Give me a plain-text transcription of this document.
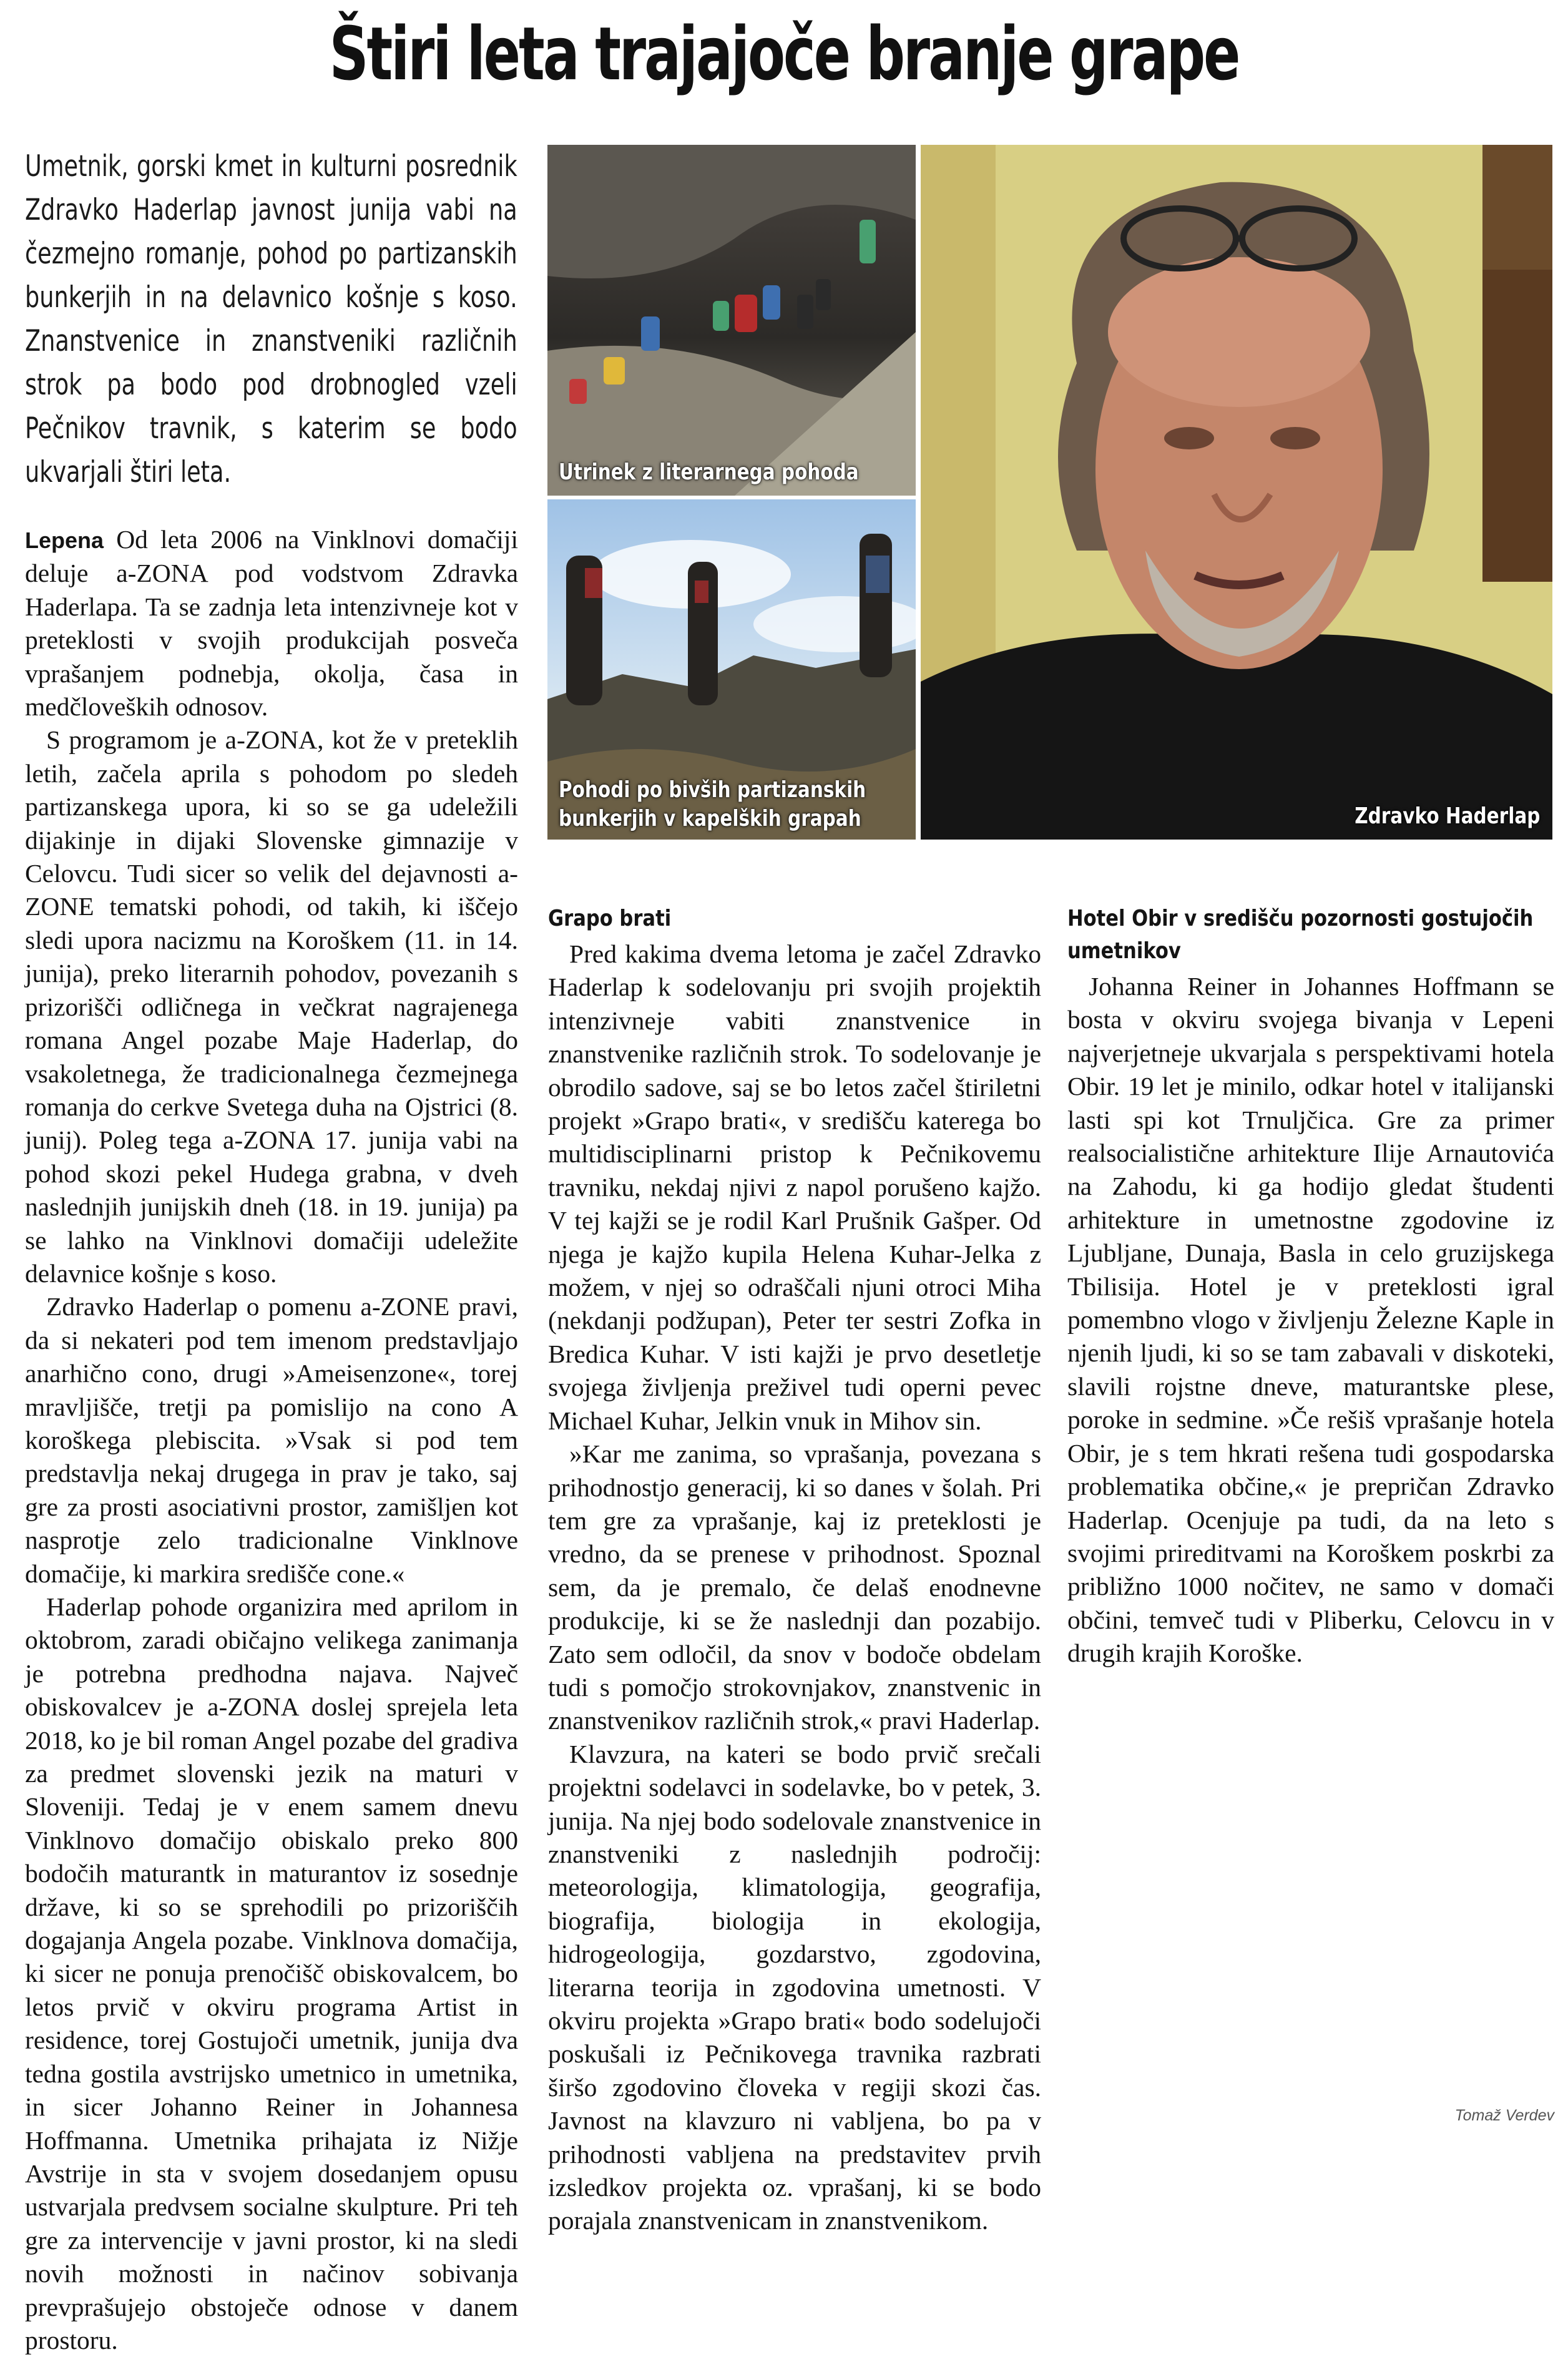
Štiri leta trajajoče branje grape
Umetnik, gorski kmet in kulturni posrednik Zdravko Haderlap javnost junija vabi na čezmejno romanje, pohod po partizanskih bunkerjih in na delavnico košnje s koso. Znanstvenice in znanstveniki različnih strok pa bodo pod drobnogled vzeli Pečnikov travnik, s katerim se bodo ukvarjali štiri leta.	Utrinek z literarnega pohoda
Pohodi po bivših partizanskih
bunkerjih v kapelških grapah	Zdravko Haderlap

Lepena Od leta 2006 na Vinklnovi domačiji deluje a-ZONA pod vodstvom Zdravka Haderlapa. Ta se zadnja leta intenzivneje kot v preteklosti v svojih produkcijah posveča vprašanjem podnebja, okolja, časa in medčloveških odnosov.

S programom je a-ZONA, kot že v preteklih letih, začela aprila s pohodom po sledeh partizanskega upora, ki so se ga udeležili dijakinje in dijaki Slovenske gimnazije v Celovcu. Tudi sicer so velik del dejavnosti a-ZONE tematski pohodi, od takih, ki iščejo sledi upora nacizmu na Koroškem (11. in 14. junija), preko literarnih pohodov, povezanih s prizorišči odličnega in večkrat nagrajenega romana Angel pozabe Maje Haderlap, do vsakoletnega, že tradicionalnega čezmejnega romanja do cerkve Svetega duha na Ojstrici (8. junij). Poleg tega a-ZONA 17. junija vabi na pohod skozi pekel Hudega grabna, v dveh naslednjih junijskih dneh (18. in 19. junija) pa se lahko na Vinklnovi domačiji udeležite delavnice košnje s koso.

Zdravko Haderlap o pomenu a-ZONE pravi, da si nekateri pod tem imenom predstavljajo anarhično cono, drugi »Ameisenzone«, torej mravljišče, tretji pa pomislijo na cono A koroškega plebiscita. »Vsak si pod tem predstavlja nekaj drugega in prav je tako, saj gre za prosti asociativni prostor, zamišljen kot nasprotje zelo tradicionalne Vinklnove domačije, ki markira središče cone.«

Haderlap pohode organizira med aprilom in oktobrom, zaradi običajno velikega zanimanja je potrebna predhodna najava. Največ obiskovalcev je a-ZONA doslej sprejela leta 2018, ko je bil roman Angel pozabe del gradiva za predmet slovenski jezik na maturi v Sloveniji. Tedaj je v enem samem dnevu Vinklnovo domačijo obiskalo preko 800 bodočih maturantk in maturantov iz sosednje države, ki so se sprehodili po prizoriščih dogajanja Angela pozabe. Vinklnova domačija, ki sicer ne ponuja prenočišč obiskovalcem, bo letos prvič v okviru programa Artist in residence, torej Gostujoči umetnik, junija dva tedna gostila avstrijsko umetnico in umetnika, in sicer Johanno Reiner in Johannesa Hoffmanna. Umetnika prihajata iz Nižje Avstrije in sta v svojem dosedanjem opusu ustvarjala predvsem socialne skulpture. Pri teh gre za intervencije v javni prostor, ki na sledi novih možnosti in načinov sobivanja prevprašujejo obstoječe odnose v danem prostoru.

Grapo brati

Pred kakima dvema letoma je začel Zdravko Haderlap k sodelovanju pri svojih projektih intenzivneje vabiti znanstvenice in znanstvenike različnih strok. To sodelovanje je obrodilo sadove, saj se bo letos začel štiriletni projekt »Grapo brati«, v središču katerega bo multidisciplinarni pristop k Pečnikovemu travniku, nekdaj njivi z napol porušeno kajžo. V tej kajži se je rodil Karl Prušnik Gašper. Od njega je kajžo kupila Helena Kuhar-Jelka z možem, v njej so odraščali njuni otroci Miha (nekdanji podžupan), Peter ter sestri Zofka in Bredica Kuhar. V isti kajži je prvo desetletje svojega življenja preživel tudi operni pevec Michael Kuhar, Jelkin vnuk in Mihov sin.

»Kar me zanima, so vprašanja, povezana s prihodnostjo generacij, ki so danes v šolah. Pri tem gre za vprašanje, kaj iz preteklosti je vredno, da se prenese v prihodnost. Spoznal sem, da je premalo, če delaš enodnevne produkcije, ki se že naslednji dan pozabijo. Zato sem odločil, da snov v bodoče obdelam tudi s pomočjo strokovnjakov, znanstvenic in znanstvenikov različnih strok,« pravi Haderlap.

Klavzura, na kateri se bodo prvič srečali projektni sodelavci in sodelavke, bo v petek, 3. junija. Na njej bodo sodelovale znanstvenice in znanstveniki z naslednjih področij: meteorologija, klimatologija, geografija, biografija, biologija in ekologija, hidrogeologija, gozdarstvo, zgodovina, literarna teorija in zgodovina umetnosti. V okviru projekta »Grapo brati« bodo sodelujoči poskušali iz Pečnikovega travnika razbrati širšo zgodovino človeka v regiji skozi čas. Javnost na klavzuro ni vabljena, bo pa v prihodnosti vabljena na predstavitev prvih izsledkov projekta oz. vprašanj, ki se bodo porajala znanstvenicam in znanstvenikom.

Hotel Obir v središču pozornosti gostujočih umetnikov

Johanna Reiner in Johannes Hoffmann se bosta v okviru svojega bivanja v Lepeni najverjetneje ukvarjala s perspektivami hotela Obir. 19 let je minilo, odkar hotel v italijanski lasti spi kot Trnuljčica. Gre za primer realsocialistične arhitekture Ilije Arnautovića na Zahodu, ki ga hodijo gledat študenti arhitekture in umetnostne zgodovine iz Ljubljane, Dunaja, Basla in celo gruzijskega Tbilisija. Hotel je v preteklosti igral pomembno vlogo v življenju Železne Kaple in njenih ljudi, ki so se tam zabavali v diskoteki, slavili rojstne dneve, maturantske plese, poroke in sedmine. »Če rešiš vprašanje hotela Obir, je s tem hkrati rešena tudi gospodarska problematika občine,« je prepričan Zdravko Haderlap. Ocenjuje pa tudi, da na leto s svojimi prireditvami na Koroškem poskrbi za približno 1000 nočitev, ne samo v domači občini, temveč tudi v Pliberku, Celovcu in v drugih krajih Koroške.

Tomaž Verdev
